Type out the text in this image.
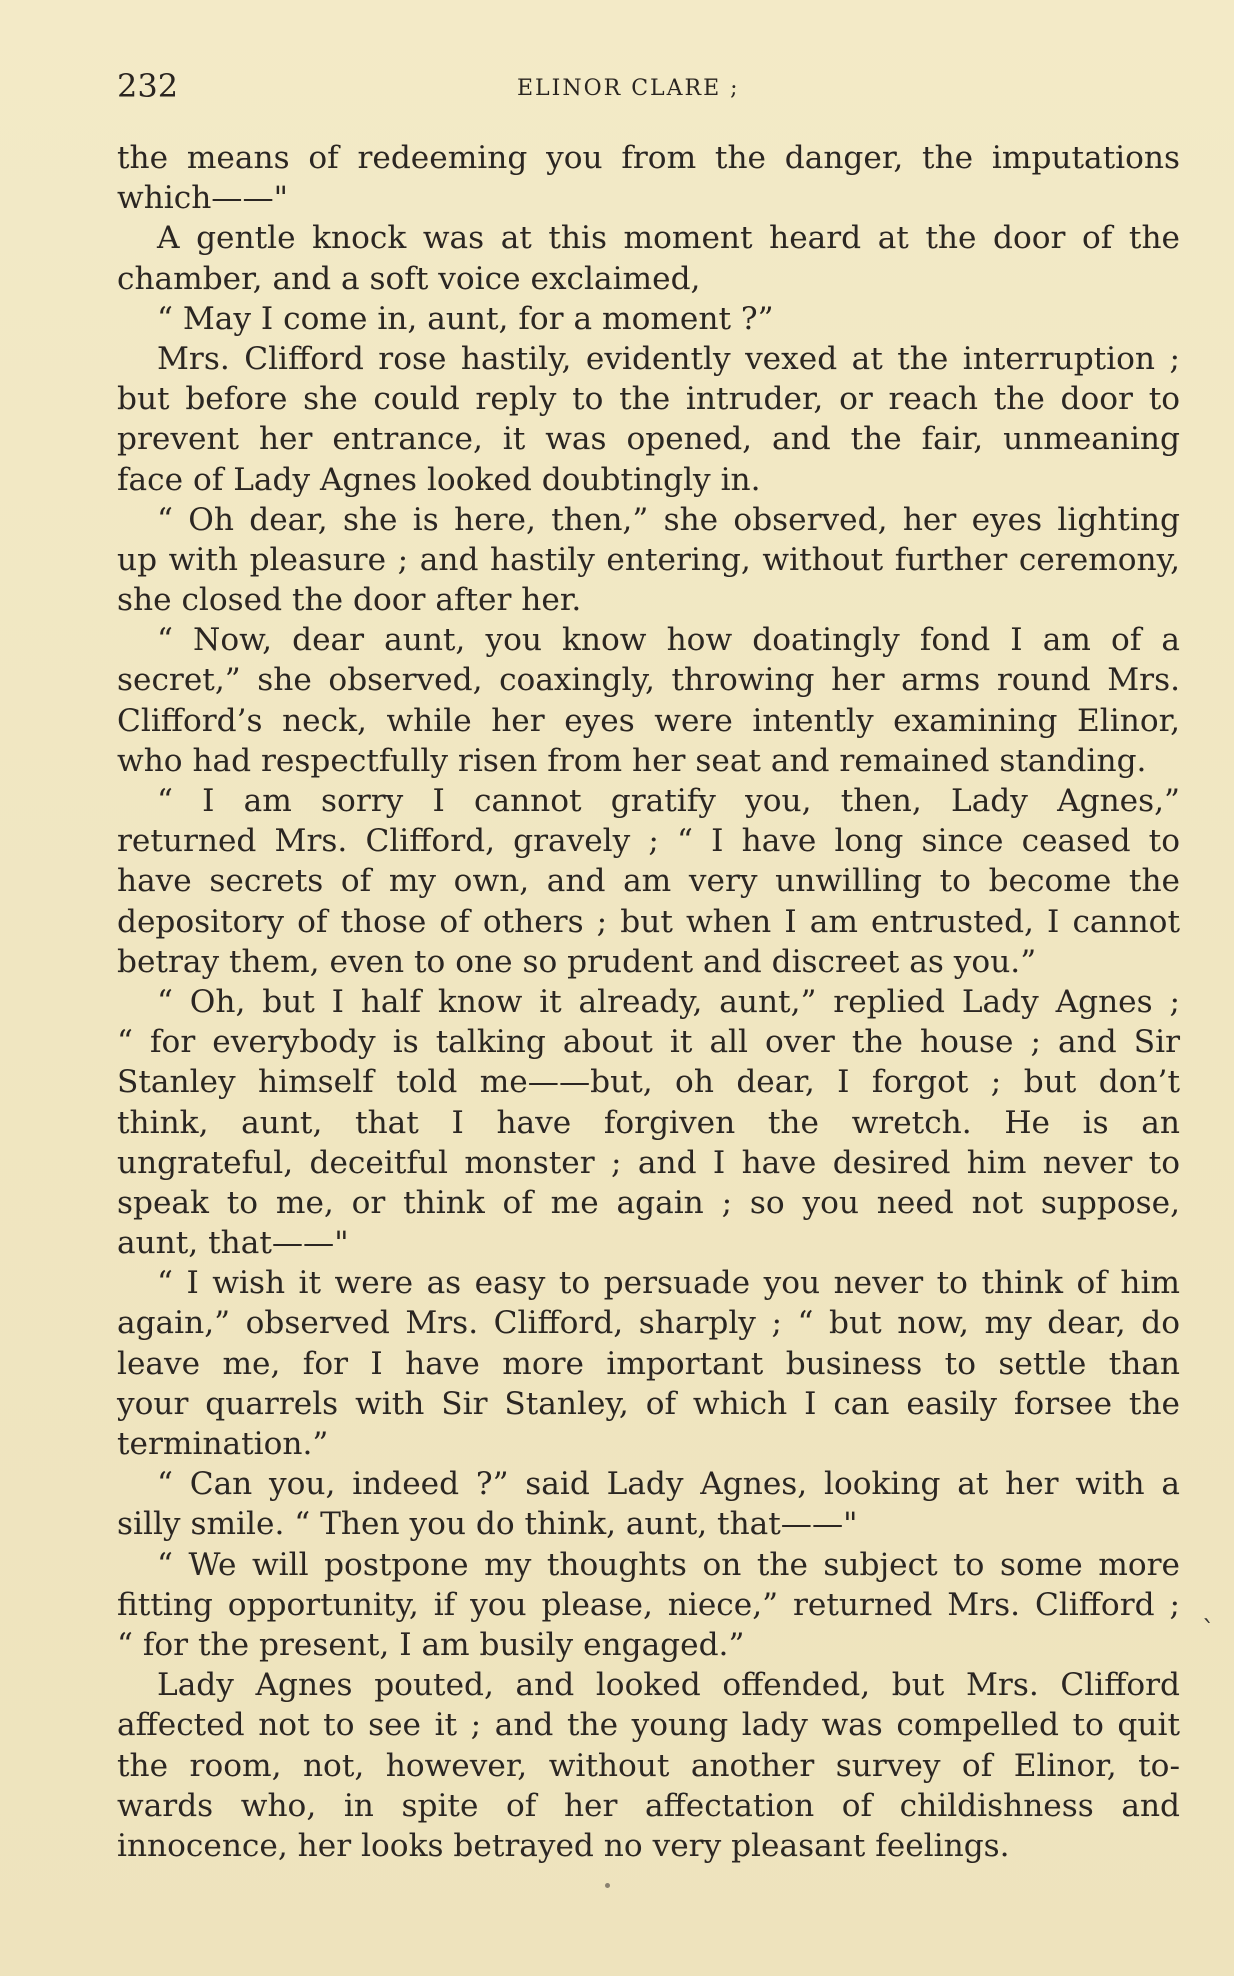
232	ELINOR CLARE ;
the means of redeeming you from the danger, the imputations
which——"
A gentle knock was at this moment heard at the door of the
chamber, and a soft voice exclaimed,
“ May I come in, aunt, for a moment ?”
Mrs. Clifford rose hastily, evidently vexed at the interruption ;
but before she could reply to the intruder, or reach the door to
prevent her entrance, it was opened, and the fair, unmeaning
face of Lady Agnes looked doubtingly in.
“ Oh dear, she is here, then,” she observed, her eyes lighting
up with pleasure ; and hastily entering, without further ceremony,
she closed the door after her.
“ Now, dear aunt, you know how doatingly fond I am of a
secret,” she observed, coaxingly, throwing her arms round Mrs.
Clifford’s neck, while her eyes were intently examining Elinor,
who had respectfully risen from her seat and remained standing.
“ I am sorry I cannot gratify you, then, Lady Agnes,”
returned Mrs. Clifford, gravely ; “ I have long since ceased to
have secrets of my own, and am very unwilling to become the
depository of those of others ; but when I am entrusted, I cannot
betray them, even to one so prudent and discreet as you.”
“ Oh, but I half know it already, aunt,” replied Lady Agnes ;
“ for everybody is talking about it all over the house ; and Sir
Stanley himself told me——but, oh dear, I forgot ; but don’t
think, aunt, that I have forgiven the wretch. He is an
ungrateful, deceitful monster ; and I have desired him never to
speak to me, or think of me again ; so you need not suppose,
aunt, that——"
“ I wish it were as easy to persuade you never to think of him
again,” observed Mrs. Clifford, sharply ; “ but now, my dear, do
leave me, for I have more important business to settle than
your quarrels with Sir Stanley, of which I can easily forsee the
termination.”
“ Can you, indeed ?” said Lady Agnes, looking at her with a
silly smile. “ Then you do think, aunt, that——"
“ We will postpone my thoughts on the subject to some more
fitting opportunity, if you please, niece,” returned Mrs. Clifford ;
“ for the present, I am busily engaged.”
Lady Agnes pouted, and looked offended, but Mrs. Clifford
affected not to see it ; and the young lady was compelled to quit
the room, not, however, without another survey of Elinor, to-
wards who, in spite of her affectation of childishness and
innocence, her looks betrayed no very pleasant feelings.
`
